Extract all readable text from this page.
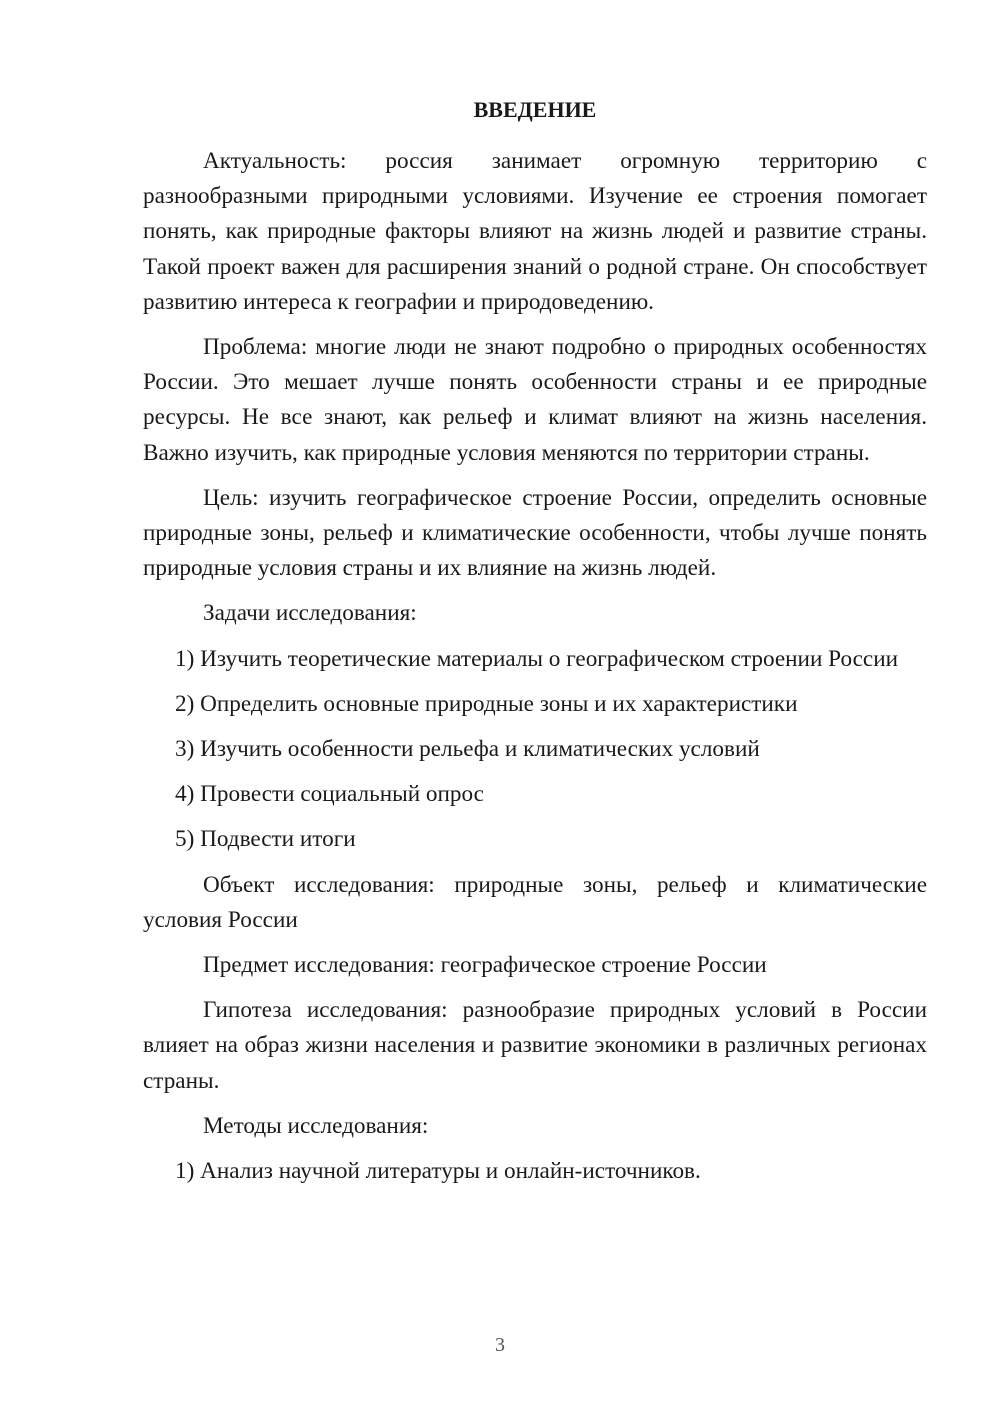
ВВЕДЕНИЕ

Актуальность: россия занимает огромную территорию с разнообразными природными условиями. Изучение ее строения помогает понять, как природные факторы влияют на жизнь людей и развитие страны. Такой проект важен для расширения знаний о родной стране. Он способствует развитию интереса к географии и природоведению.

Проблема: многие люди не знают подробно о природных особенностях России. Это мешает лучше понять особенности страны и ее природные ресурсы. Не все знают, как рельеф и климат влияют на жизнь населения. Важно изучить, как природные условия меняются по территории страны.

Цель: изучить географическое строение России, определить основные природные зоны, рельеф и климатические особенности, чтобы лучше понять природные условия страны и их влияние на жизнь людей.

Задачи исследования:

1) Изучить теоретические материалы о географическом строении России

2) Определить основные природные зоны и их характеристики

3) Изучить особенности рельефа и климатических условий

4) Провести социальный опрос

5) Подвести итоги

Объект исследования: природные зоны, рельеф и климатические условия России

Предмет исследования: географическое строение России

Гипотеза исследования: разнообразие природных условий в России влияет на образ жизни населения и развитие экономики в различных регионах страны.

Методы исследования:

1) Анализ научной литературы и онлайн-источников.

3
